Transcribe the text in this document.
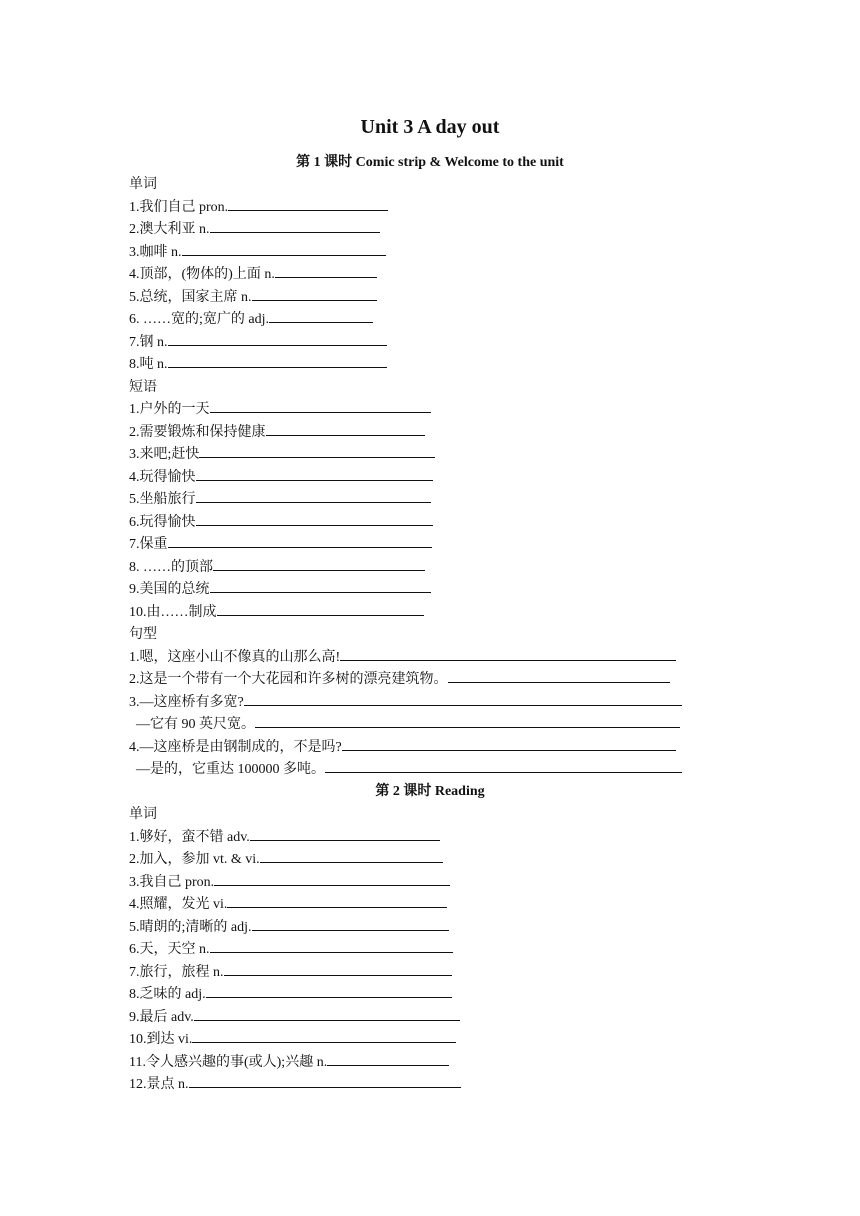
Unit 3 A day out
第 1 课时 Comic strip & Welcome to the unit
单词
1.我们自己 pron.
2.澳大利亚 n.
3.咖啡 n.
4.顶部，(物体的)上面 n.
5.总统，国家主席 n.
6. ……宽的;宽广的 adj.
7.钢 n.
8.吨 n.
短语
1.户外的一天
2.需要锻炼和保持健康
3.来吧;赶快
4.玩得愉快
5.坐船旅行
6.玩得愉快
7.保重
8. ……的顶部
9.美国的总统
10.由……制成
句型
1.嗯，这座小山不像真的山那么高!
2.这是一个带有一个大花园和许多树的漂亮建筑物。
3.—这座桥有多宽?
—它有 90 英尺宽。
4.—这座桥是由钢制成的，不是吗?
—是的，它重达 100000 多吨。
第 2 课时 Reading
单词
1.够好，蛮不错 adv.
2.加入，参加 vt. & vi.
3.我自己 pron.
4.照耀，发光 vi.
5.晴朗的;清晰的 adj.
6.天，天空 n.
7.旅行，旅程 n.
8.乏味的 adj.
9.最后 adv.
10.到达 vi.
11.令人感兴趣的事(或人);兴趣 n.
12.景点 n.
